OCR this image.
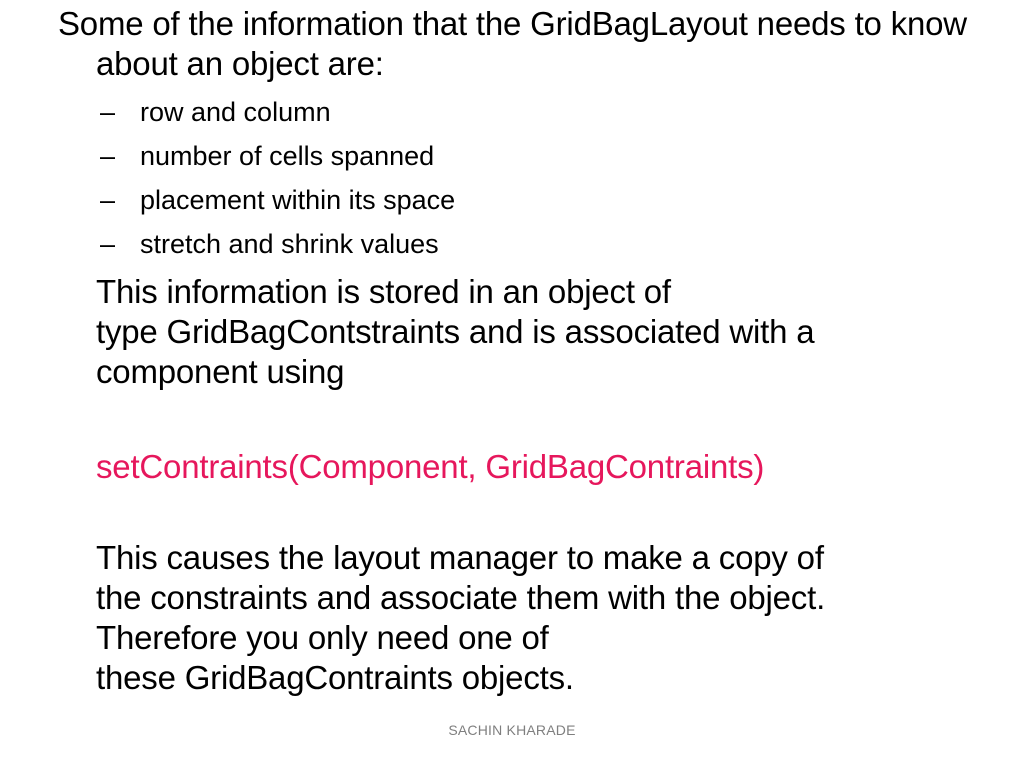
Some of the information that the GridBagLayout needs to know about an object are:

– row and column
– number of cells spanned
– placement within its space
– stretch and shrink values

This information is stored in an object of
type GridBagContstraints and is associated with a
component using

setContraints(Component, GridBagContraints)

This causes the layout manager to make a copy of
the constraints and associate them with the object.
Therefore you only need one of
these GridBagContraints objects.

SACHIN KHARADE
